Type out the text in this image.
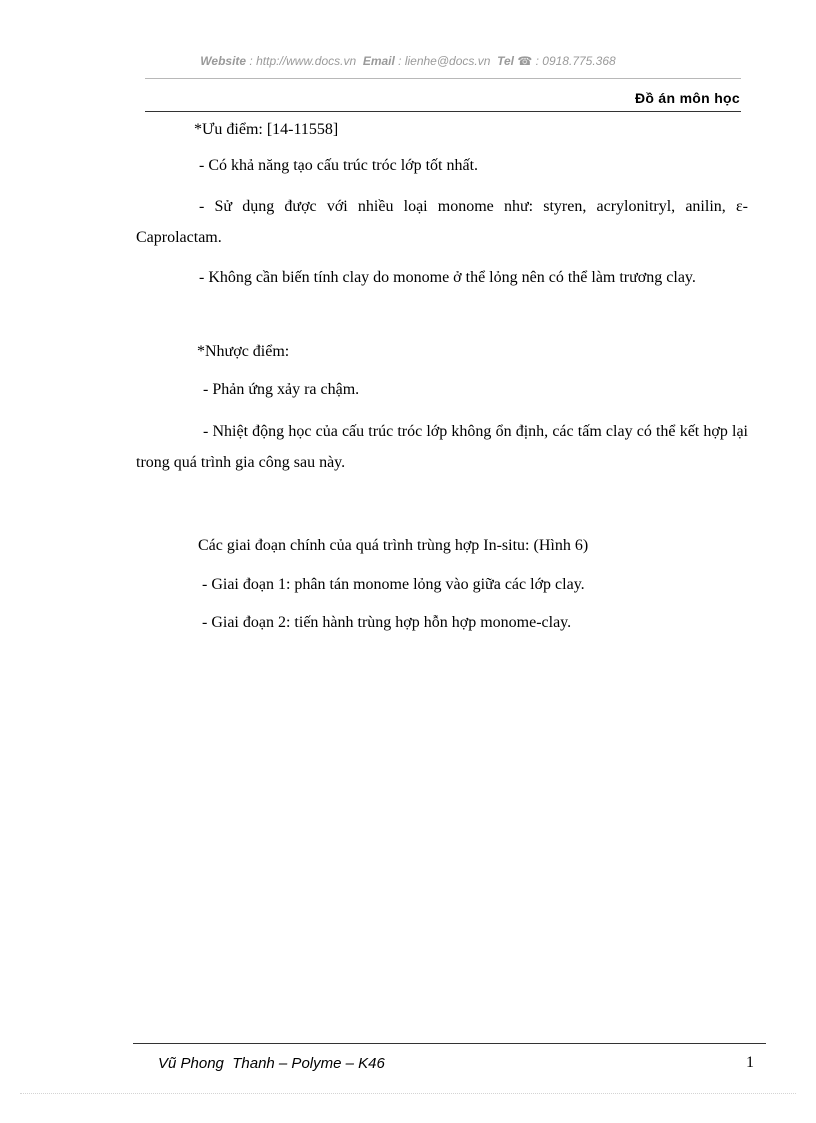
Website : http://www.docs.vn Email : lienhe@docs.vn Tel ☎ : 0918.775.368
Đồ án môn học

*Ưu điểm: [14-11558]

- Có khả năng tạo cấu trúc tróc lớp tốt nhất.

- Sử dụng được với nhiều loại monome như: styren, acrylonitryl, anilin, ε-Caprolactam.

- Không cần biến tính clay do monome ở thể lỏng nên có thể làm trương clay.

*Nhược điểm:

- Phản ứng xảy ra chậm.

- Nhiệt động học của cấu trúc tróc lớp không ổn định, các tấm clay có thể kết hợp lại trong quá trình gia công sau này.

Các giai đoạn chính của quá trình trùng hợp In-situ: (Hình 6)

- Giai đoạn 1: phân tán monome lỏng vào giữa các lớp clay.

- Giai đoạn 2: tiến hành trùng hợp hỗn hợp monome-clay.

Vũ Phong  Thanh – Polyme – K46	1
